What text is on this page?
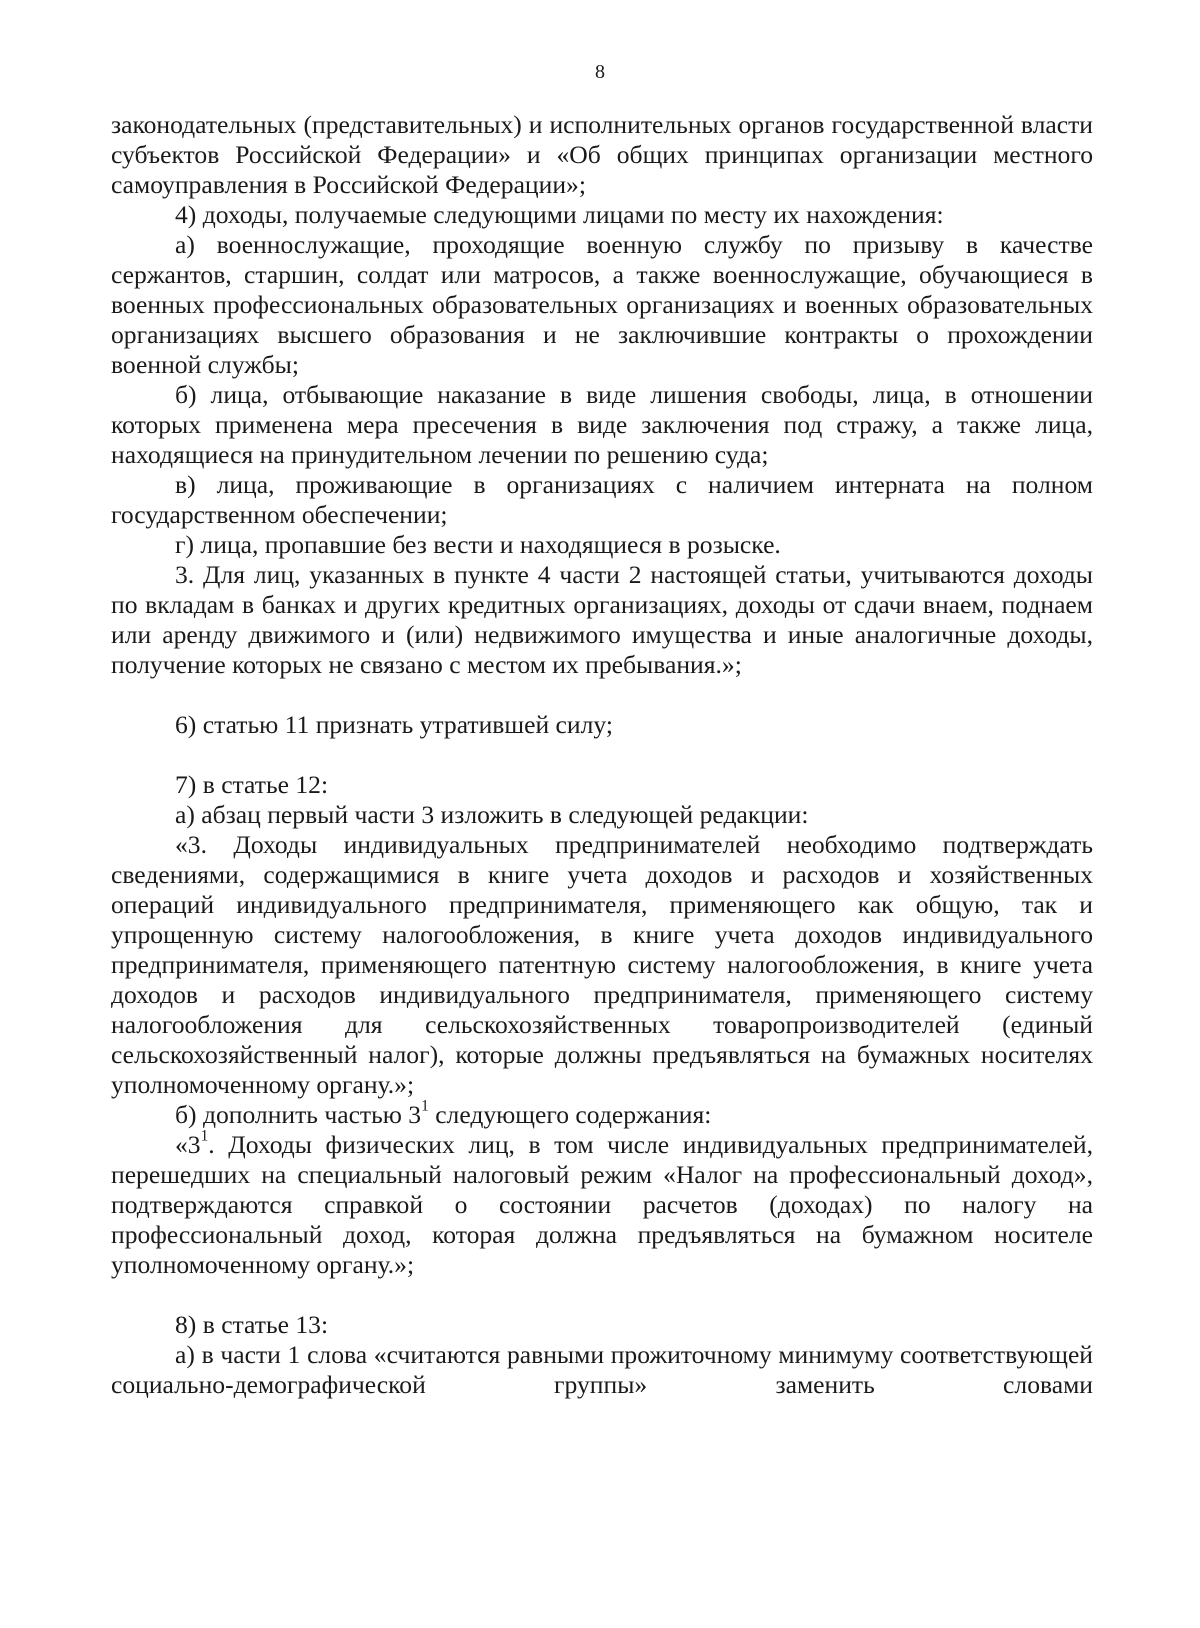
8

законодательных (представительных) и исполнительных органов государственной власти субъектов Российской Федерации» и «Об общих принципах организации местного самоуправления в Российской Федерации»;

4) доходы, получаемые следующими лицами по месту их нахождения:

а) военнослужащие, проходящие военную службу по призыву в качестве сержантов, старшин, солдат или матросов, а также военнослужащие, обучающиеся в военных профессиональных образовательных организациях и военных образовательных организациях высшего образования и не заключившие контракты о прохождении военной службы;

б) лица, отбывающие наказание в виде лишения свободы, лица, в отношении которых применена мера пресечения в виде заключения под стражу, а также лица, находящиеся на принудительном лечении по решению суда;

в) лица, проживающие в организациях с наличием интерната на полном государственном обеспечении;

г) лица, пропавшие без вести и находящиеся в розыске.

3. Для лиц, указанных в пункте 4 части 2 настоящей статьи, учитываются доходы по вкладам в банках и других кредитных организациях, доходы от сдачи внаем, поднаем или аренду движимого и (или) недвижимого имущества и иные аналогичные доходы, получение которых не связано с местом их пребывания.»;

6) статью 11 признать утратившей силу;

7) в статье 12:

а) абзац первый части 3 изложить в следующей редакции:

«3. Доходы индивидуальных предпринимателей необходимо подтверждать сведениями, содержащимися в книге учета доходов и расходов и хозяйственных операций индивидуального предпринимателя, применяющего как общую, так и упрощенную систему налогообложения, в книге учета доходов индивидуального предпринимателя, применяющего патентную систему налогообложения, в книге учета доходов и расходов индивидуального предпринимателя, применяющего систему налогообложения для сельскохозяйственных товаропроизводителей (единый сельскохозяйственный налог), которые должны предъявляться на бумажных носителях уполномоченному органу.»;

б) дополнить частью $3^1$ следующего содержания:

«$3^1$. Доходы физических лиц, в том числе индивидуальных предпринимателей, перешедших на специальный налоговый режим «Налог на профессиональный доход», подтверждаются справкой о состоянии расчетов (доходах) по налогу на профессиональный доход, которая должна предъявляться на бумажном носителе уполномоченному органу.»;

8) в статье 13:

а) в части 1 слова «считаются равными прожиточному минимуму соответствующей социально-демографической группы» заменить словами
